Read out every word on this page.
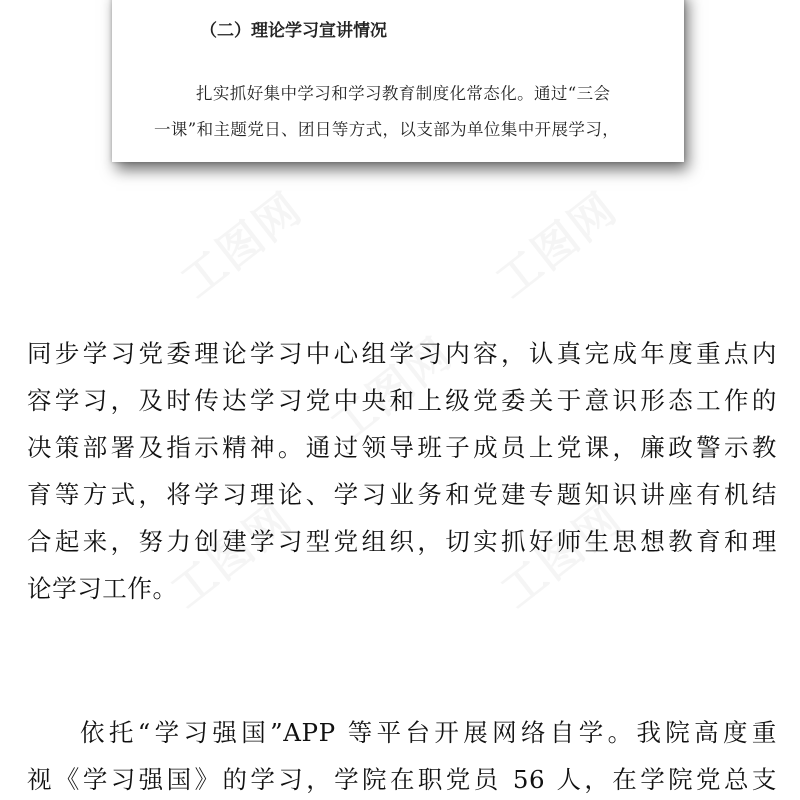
（二）理论学习宣讲情况
扎实抓好集中学习和学习教育制度化常态化。通过“三会
一课”和主题党日、团日等方式，以支部为单位集中开展学习，
工图网	工图网
工图网
工图网	工图网
同步学习党委理论学习中心组学习内容，认真完成年度重点内
容学习，及时传达学习党中央和上级党委关于意识形态工作的
决策部署及指示精神。通过领导班子成员上党课，廉政警示教
育等方式，将学习理论、学习业务和党建专题知识讲座有机结
合起来，努力创建学习型党组织，切实抓好师生思想教育和理
论学习工作。
依托“学习强国”APP 等平台开展网络自学。我院高度重
视《学习强国》的学习，学院在职党员 56 人，在学院党总支
